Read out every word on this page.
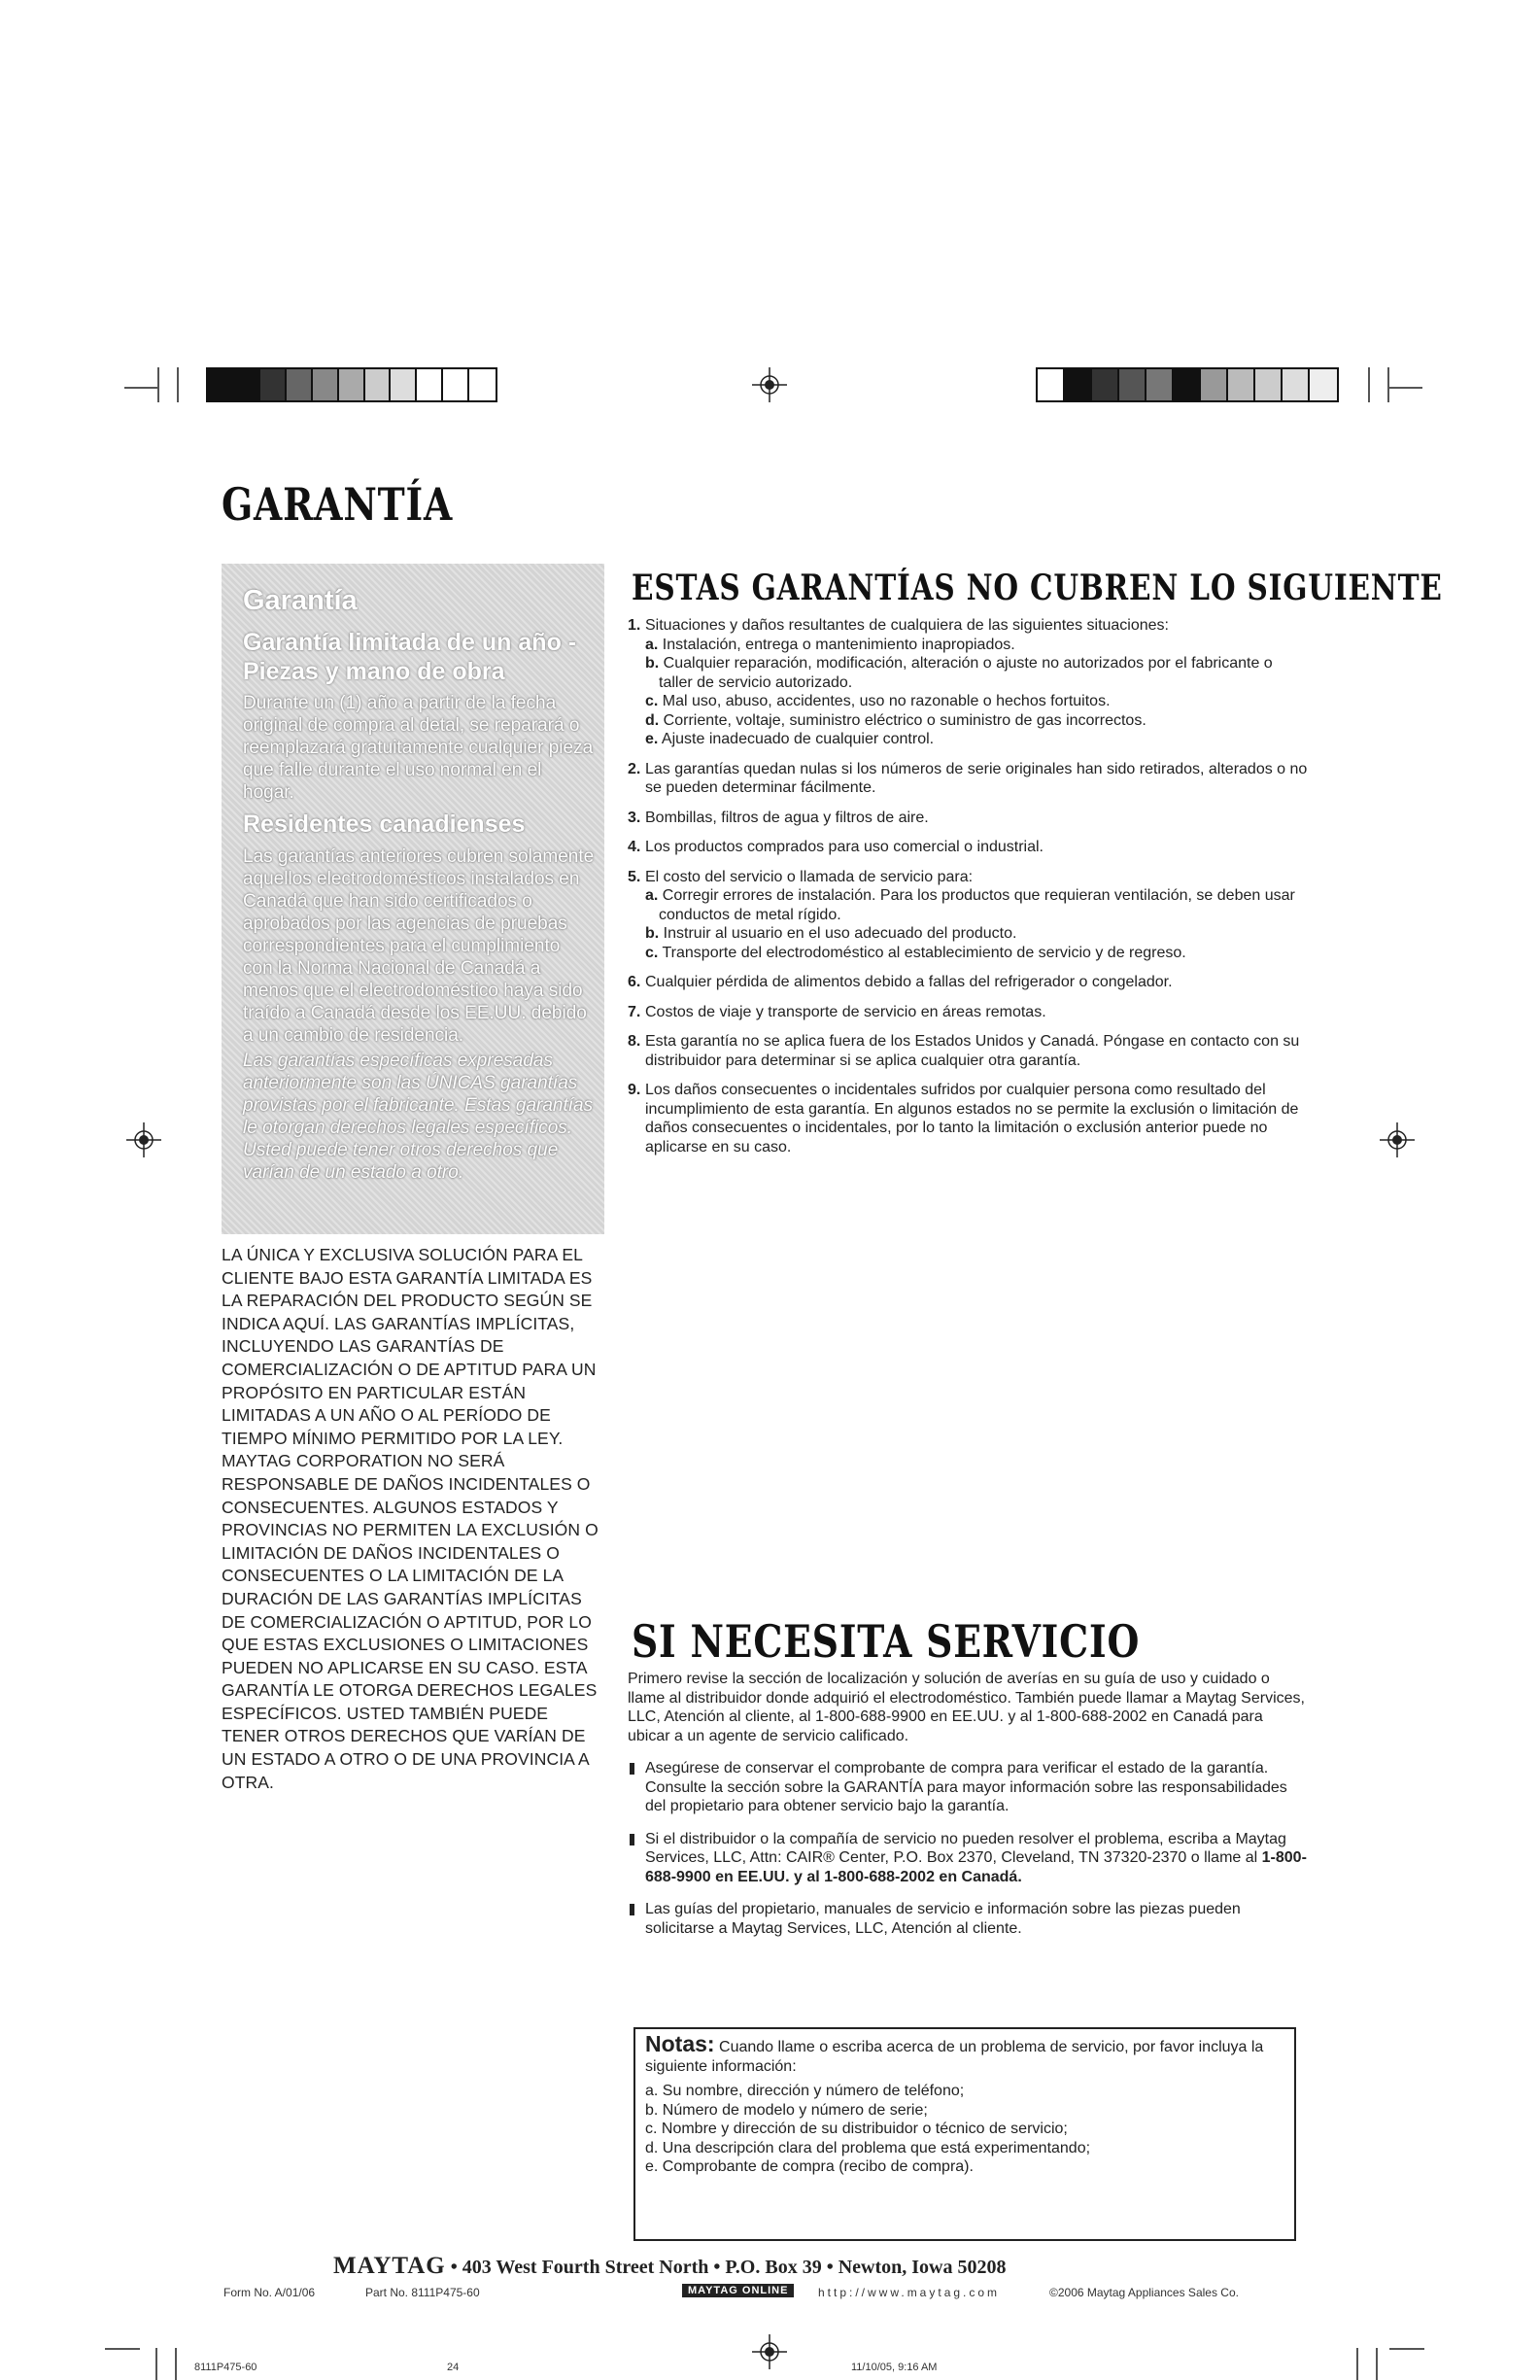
GARANTÍA
Garantía
Garantía limitada de un año - Piezas y mano de obra

Durante un (1) año a partir de la fecha original de compra al detal, se reparará o reemplazará gratuitamente cualquier pieza que falle durante el uso normal en el hogar.

Residentes canadienses

Las garantías anteriores cubren solamente aquellos electrodomésticos instalados en Canadá que han sido certificados o aprobados por las agencias de pruebas correspondientes para el cumplimiento con la Norma Nacional de Canadá a menos que el electrodoméstico haya sido traído a Canadá desde los EE.UU. debido a un cambio de residencia.

Las garantías específicas expresadas anteriormente son las ÚNICAS garantías provistas por el fabricante. Estas garantías le otorgan derechos legales específicos. Usted puede tener otros derechos que varían de un estado a otro.

LA ÚNICA Y EXCLUSIVA SOLUCIÓN PARA EL CLIENTE BAJO ESTA GARANTÍA LIMITADA ES LA REPARACIÓN DEL PRODUCTO SEGÚN SE INDICA AQUÍ. LAS GARANTÍAS IMPLÍCITAS, INCLUYENDO LAS GARANTÍAS DE COMERCIALIZACIÓN O DE APTITUD PARA UN PROPÓSITO EN PARTICULAR ESTÁN LIMITADAS A UN AÑO O AL PERÍODO DE TIEMPO MÍNIMO PERMITIDO POR LA LEY. MAYTAG CORPORATION NO SERÁ RESPONSABLE DE DAÑOS INCIDENTALES O CONSECUENTES. ALGUNOS ESTADOS Y PROVINCIAS NO PERMITEN LA EXCLUSIÓN O LIMITACIÓN DE DAÑOS INCIDENTALES O CONSECUENTES O LA LIMITACIÓN DE LA DURACIÓN DE LAS GARANTÍAS IMPLÍCITAS DE COMERCIALIZACIÓN O APTITUD, POR LO QUE ESTAS EXCLUSIONES O LIMITACIONES PUEDEN NO APLICARSE EN SU CASO. ESTA GARANTÍA LE OTORGA DERECHOS LEGALES ESPECÍFICOS. USTED TAMBIÉN PUEDE TENER OTROS DERECHOS QUE VARÍAN DE UN ESTADO A OTRO O DE UNA PROVINCIA A OTRA.
ESTAS GARANTÍAS NO CUBREN LO SIGUIENTE
1. Situaciones y daños resultantes de cualquiera de las siguientes situaciones:
a. Instalación, entrega o mantenimiento inapropiados.
b. Cualquier reparación, modificación, alteración o ajuste no autorizados por el fabricante o taller de servicio autorizado.
c. Mal uso, abuso, accidentes, uso no razonable o hechos fortuitos.
d. Corriente, voltaje, suministro eléctrico o suministro de gas incorrectos.
e. Ajuste inadecuado de cualquier control.
2. Las garantías quedan nulas si los números de serie originales han sido retirados, alterados o no se pueden determinar fácilmente.
3. Bombillas, filtros de agua y filtros de aire.
4. Los productos comprados para uso comercial o industrial.
5. El costo del servicio o llamada de servicio para:
a. Corregir errores de instalación. Para los productos que requieran ventilación, se deben usar conductos de metal rígido.
b. Instruir al usuario en el uso adecuado del producto.
c. Transporte del electrodoméstico al establecimiento de servicio y de regreso.
6. Cualquier pérdida de alimentos debido a fallas del refrigerador o congelador.
7. Costos de viaje y transporte de servicio en áreas remotas.
8. Esta garantía no se aplica fuera de los Estados Unidos y Canadá. Póngase en contacto con su distribuidor para determinar si se aplica cualquier otra garantía.
9. Los daños consecuentes o incidentales sufridos por cualquier persona como resultado del incumplimiento de esta garantía. En algunos estados no se permite la exclusión o limitación de daños consecuentes o incidentales, por lo tanto la limitación o exclusión anterior puede no aplicarse en su caso.
SI NECESITA SERVICIO
Primero revise la sección de localización y solución de averías en su guía de uso y cuidado o llame al distribuidor donde adquirió el electrodoméstico. También puede llamar a Maytag Services, LLC, Atención al cliente, al 1-800-688-9900 en EE.UU. y al 1-800-688-2002 en Canadá para ubicar a un agente de servicio calificado.
Asegúrese de conservar el comprobante de compra para verificar el estado de la garantía. Consulte la sección sobre la GARANTÍA para mayor información sobre las responsabilidades del propietario para obtener servicio bajo la garantía.
Si el distribuidor o la compañía de servicio no pueden resolver el problema, escriba a Maytag Services, LLC, Attn: CAIR® Center, P.O. Box 2370, Cleveland, TN 37320-2370 o llame al 1-800-688-9900 en EE.UU. y al 1-800-688-2002 en Canadá.
Las guías del propietario, manuales de servicio e información sobre las piezas pueden solicitarse a Maytag Services, LLC, Atención al cliente.
Notas: Cuando llame o escriba acerca de un problema de servicio, por favor incluya la siguiente información:
a. Su nombre, dirección y número de teléfono;
b. Número de modelo y número de serie;
c. Nombre y dirección de su distribuidor o técnico de servicio;
d. Una descripción clara del problema que está experimentando;
e. Comprobante de compra (recibo de compra).
MAYTAG • 403 West Fourth Street North • P.O. Box 39 • Newton, Iowa 50208
Form No. A/01/06	Part No. 8111P475-60	MAYTAG ONLINE	http://www.maytag.com	©2006 Maytag Appliances Sales Co.
8111P475-60	24	11/10/05, 9:16 AM
